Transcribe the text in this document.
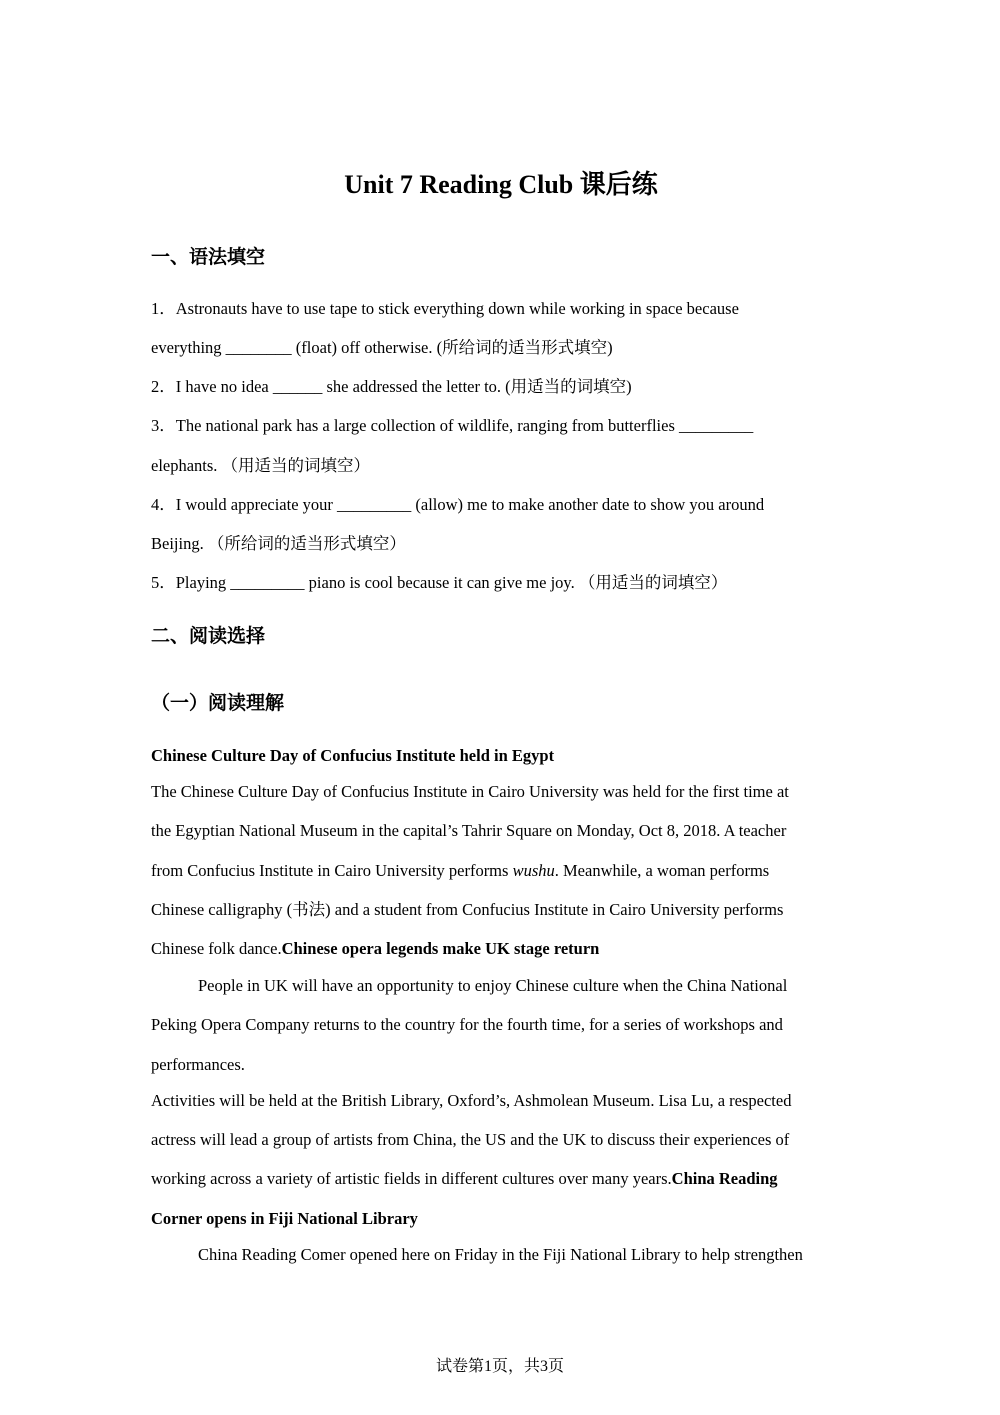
Unit 7 Reading Club 课后练
一、语法填空
1．Astronauts have to use tape to stick everything down while working in space because
everything ________ (float) off otherwise. (所给词的适当形式填空)
2．I have no idea ______ she addressed the letter to. (用适当的词填空)
3．The national park has a large collection of wildlife, ranging from butterflies _________
elephants. （用适当的词填空）
4．I would appreciate your _________ (allow) me to make another date to show you around
Beijing. （所给词的适当形式填空）
5．Playing _________ piano is cool because it can give me joy. （用适当的词填空）
二、阅读选择
（一）阅读理解
Chinese Culture Day of Confucius Institute held in Egypt
The Chinese Culture Day of Confucius Institute in Cairo University was held for the first time at
the Egyptian National Museum in the capital’s Tahrir Square on Monday, Oct 8, 2018. A teacher
from Confucius Institute in Cairo University performs wushu. Meanwhile, a woman performs
Chinese calligraphy (书法) and a student from Confucius Institute in Cairo University performs
Chinese folk dance.Chinese opera legends make UK stage return
People in UK will have an opportunity to enjoy Chinese culture when the China National
Peking Opera Company returns to the country for the fourth time, for a series of workshops and
performances.
Activities will be held at the British Library, Oxford’s, Ashmolean Museum. Lisa Lu, a respected
actress will lead a group of artists from China, the US and the UK to discuss their experiences of
working across a variety of artistic fields in different cultures over many years.China Reading
Corner opens in Fiji National Library
China Reading Comer opened here on Friday in the Fiji National Library to help strengthen
试卷第1页，共3页
